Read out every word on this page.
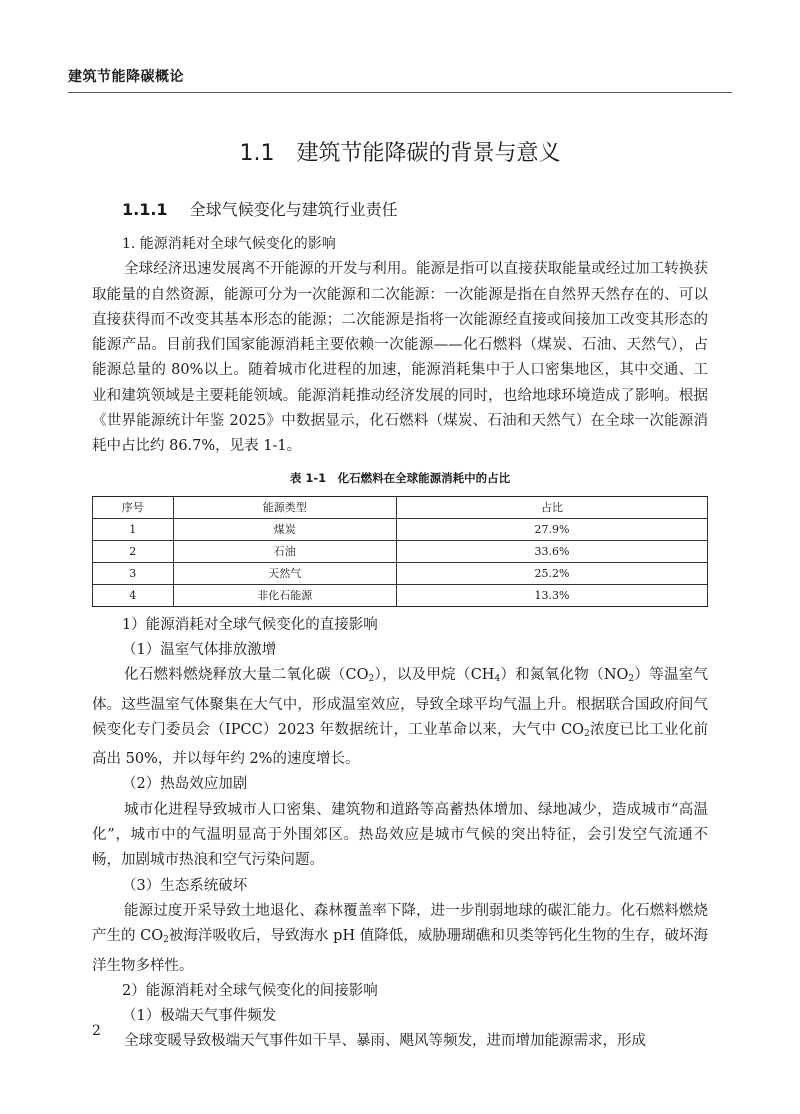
建筑节能降碳概论
1.1 建筑节能降碳的背景与意义
1.1.1 全球气候变化与建筑行业责任

1. 能源消耗对全球气候变化的影响

全球经济迅速发展离不开能源的开发与利用。能源是指可以直接获取能量或经过加工转换获取能量的自然资源，能源可分为一次能源和二次能源：一次能源是指在自然界天然存在的、可以直接获得而不改变其基本形态的能源；二次能源是指将一次能源经直接或间接加工改变其形态的能源产品。目前我们国家能源消耗主要依赖一次能源——化石燃料（煤炭、石油、天然气），占能源总量的 80%以上。随着城市化进程的加速，能源消耗集中于人口密集地区，其中交通、工业和建筑领域是主要耗能领域。能源消耗推动经济发展的同时，也给地球环境造成了影响。根据《世界能源统计年鉴 2025》中数据显示，化石燃料（煤炭、石油和天然气）在全球一次能源消耗中占比约 86.7%，见表 1-1。

表 1-1　化石燃料在全球能源消耗中的占比
序号	能源类型	占比
1	煤炭	27.9%
2	石油	33.6%
3	天然气	25.2%
4	非化石能源	13.3%

1）能源消耗对全球气候变化的直接影响

（1）温室气体排放激增

化石燃料燃烧释放大量二氧化碳$(CO_2)$，以及甲烷$(CH_4)$和氮氧化物$(NO_2)$等温室气体。这些温室气体聚集在大气中，形成温室效应，导致全球平均气温上升。根据联合国政府间气候变化专门委员会（IPCC）2023 年数据统计，工业革命以来，大气中 $CO_2$浓度已比工业化前高出 50%，并以每年约 2%的速度增长。

（2）热岛效应加剧

城市化进程导致城市人口密集、建筑物和道路等高蓄热体增加、绿地减少，造成城市“高温化”，城市中的气温明显高于外围郊区。热岛效应是城市气候的突出特征，会引发空气流通不畅，加剧城市热浪和空气污染问题。

（3）生态系统破坏

能源过度开采导致土地退化、森林覆盖率下降，进一步削弱地球的碳汇能力。化石燃料燃烧产生的 $CO_2$被海洋吸收后，导致海水 pH 值降低，威胁珊瑚礁和贝类等钙化生物的生存，破坏海洋生物多样性。

2）能源消耗对全球气候变化的间接影响

（1）极端天气事件频发

全球变暖导致极端天气事件如干旱、暴雨、飓风等频发，进而增加能源需求，形成

2
